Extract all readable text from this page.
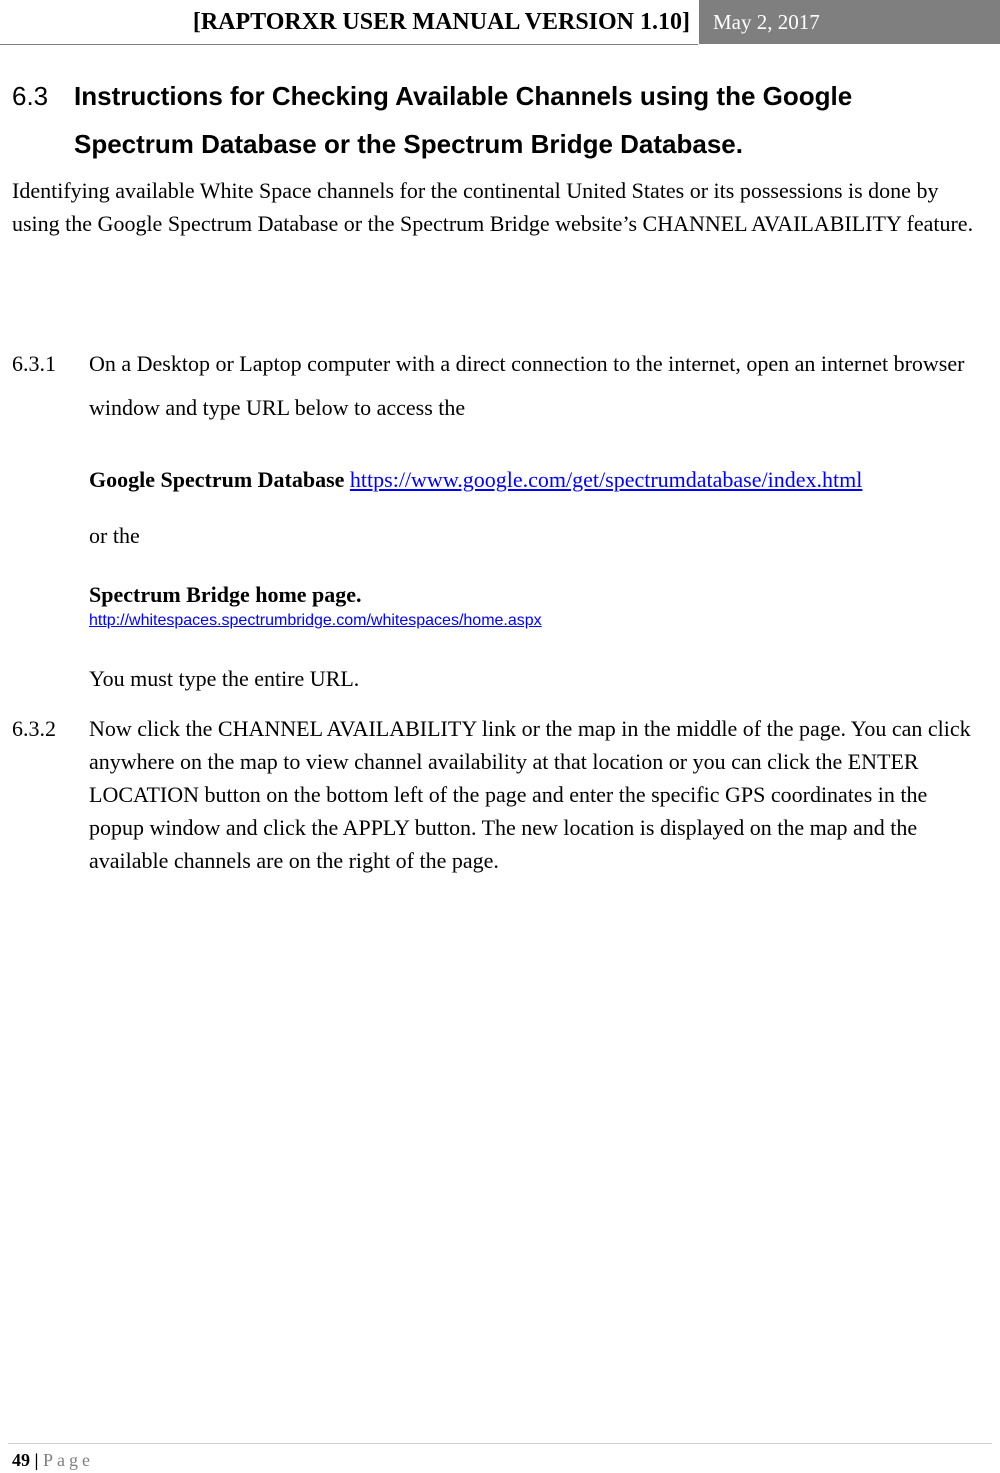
[RAPTORXR USER MANUAL VERSION 1.10]	May 2, 2017
6.3 Instructions for Checking Available Channels using the Google Spectrum Database or the Spectrum Bridge Database.
Identifying available White Space channels for the continental United States or its possessions is done by using the Google Spectrum Database or the Spectrum Bridge website’s CHANNEL AVAILABILITY feature.
6.3.1 On a Desktop or Laptop computer with a direct connection to the internet, open an internet browser window and type URL below to access the
Google Spectrum Database https://www.google.com/get/spectrumdatabase/index.html
or the
Spectrum Bridge home page.
http://whitespaces.spectrumbridge.com/whitespaces/home.aspx
You must type the entire URL.
6.3.2 Now click the CHANNEL AVAILABILITY link or the map in the middle of the page. You can click anywhere on the map to view channel availability at that location or you can click the ENTER LOCATION button on the bottom left of the page and enter the specific GPS coordinates in the popup window and click the APPLY button. The new location is displayed on the map and the available channels are on the right of the page.
49 | Page
